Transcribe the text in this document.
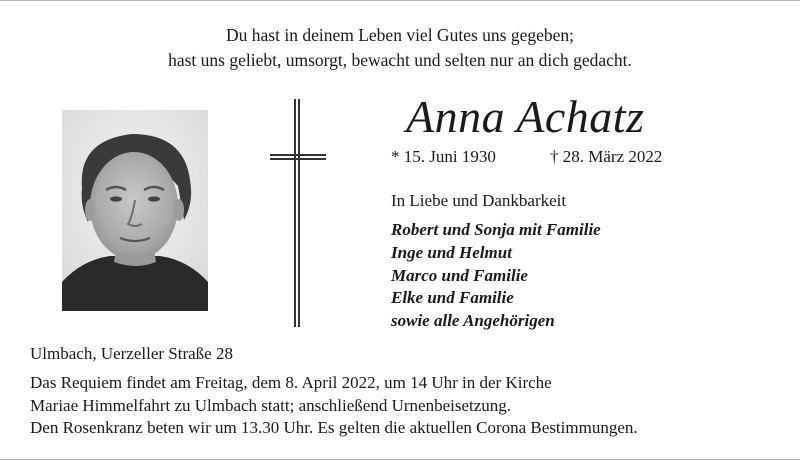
Du hast in deinem Leben viel Gutes uns gegeben;
hast uns geliebt, umsorgt, bewacht und selten nur an dich gedacht.
Anna Achatz
* 15. Juni 1930	† 28. März 2022
In Liebe und Dankbarkeit
Robert und Sonja mit Familie
Inge und Helmut
Marco und Familie
Elke und Familie
sowie alle Angehörigen
Ulmbach, Uerzeller Straße 28
Das Requiem findet am Freitag, dem 8. April 2022, um 14 Uhr in der Kirche
Mariae Himmelfahrt zu Ulmbach statt; anschließend Urnenbeisetzung.
Den Rosenkranz beten wir um 13.30 Uhr. Es gelten die aktuellen Corona Bestimmungen.
